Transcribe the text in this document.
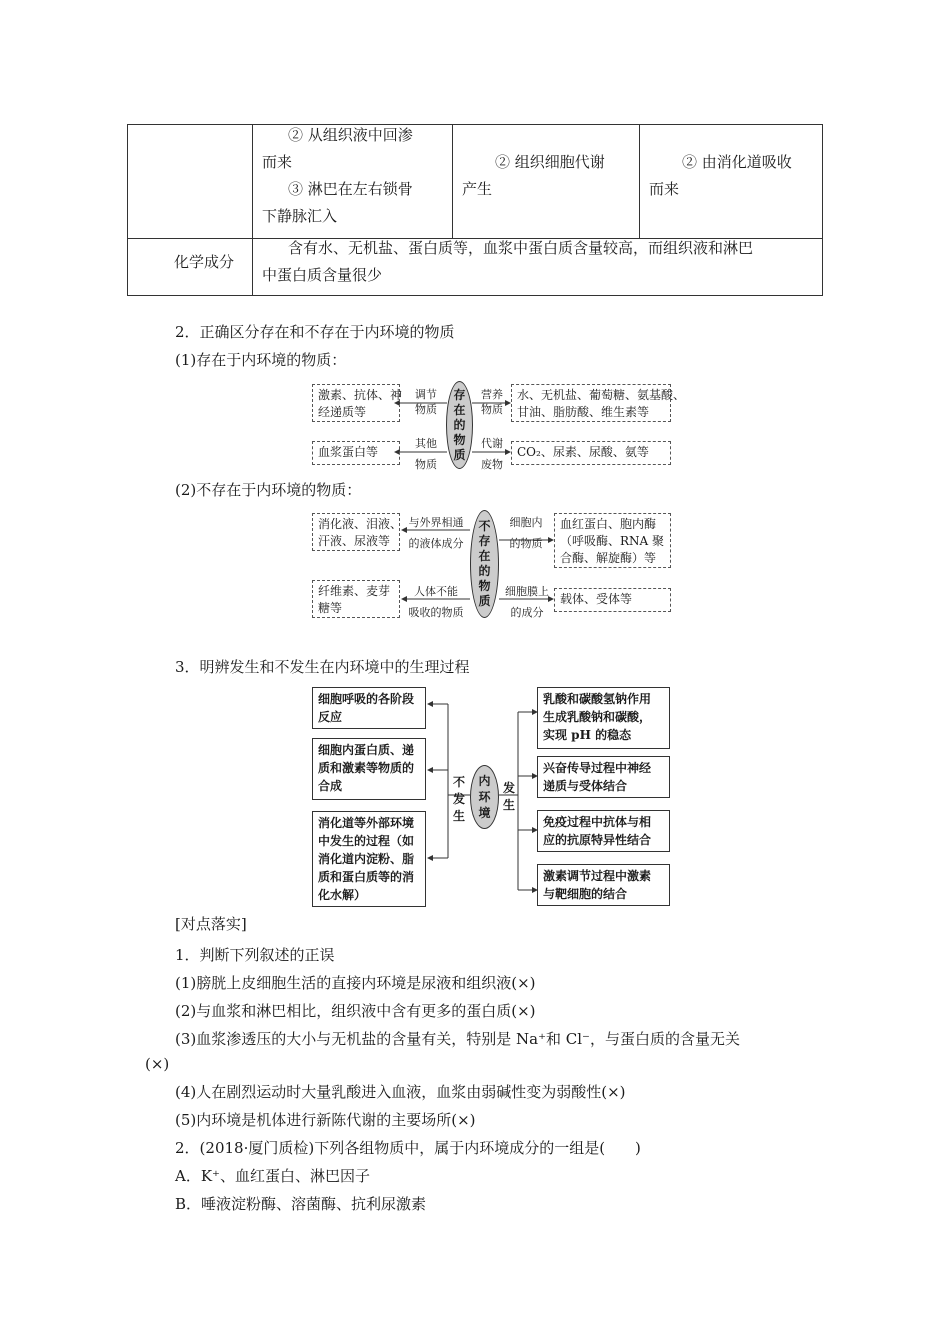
② 从组织液中回渗
而来
③ 淋巴在左右锁骨
下静脉汇入
② 组织细胞代谢
产生
② 由消化道吸收
而来
化学成分
含有水、无机盐、蛋白质等，血浆中蛋白质含量较高，而组织液和淋巴
中蛋白质含量很少
2．正确区分存在和不存在于内环境的物质
(1)存在于内环境的物质：
激素、抗体、神
经递质等
调节
物质
存
在
的
物
质
营养
物质
水、无机盐、葡萄糖、氨基酸、
甘油、脂肪酸、维生素等
血浆蛋白等
其他
物质
代谢
废物
CO₂、尿素、尿酸、氨等
(2)不存在于内环境的物质：
消化液、泪液、
汗液、尿液等
与外界相通
的液体成分
不
存
在
的
物
质
细胞内
的物质
血红蛋白、胞内酶
（呼吸酶、RNA 聚
合酶、解旋酶）等
纤维素、麦芽
糖等
人体不能
吸收的物质
细胞膜上
的成分
载体、受体等
3．明辨发生和不发生在内环境中的生理过程
细胞呼吸的各阶段
反应
细胞内蛋白质、递
质和激素等物质的
合成
消化道等外部环境
中发生的过程（如
消化道内淀粉、脂
质和蛋白质等的消
化水解）
不
发
生
内
环
境
发
生
乳酸和碳酸氢钠作用
生成乳酸钠和碳酸，
实现 pH 的稳态
兴奋传导过程中神经
递质与受体结合
免疫过程中抗体与相
应的抗原特异性结合
激素调节过程中激素
与靶细胞的结合
[对点落实]
1．判断下列叙述的正误
(1)膀胱上皮细胞生活的直接内环境是尿液和组织液(×)
(2)与血浆和淋巴相比，组织液中含有更多的蛋白质(×)
(3)血浆渗透压的大小与无机盐的含量有关，特别是 Na⁺和 Cl⁻，与蛋白质的含量无关
(×)
(4)人在剧烈运动时大量乳酸进入血液，血浆由弱碱性变为弱酸性(×)
(5)内环境是机体进行新陈代谢的主要场所(×)
2．(2018·厦门质检)下列各组物质中，属于内环境成分的一组是(　　)
A．K⁺、血红蛋白、淋巴因子
B．唾液淀粉酶、溶菌酶、抗利尿激素
